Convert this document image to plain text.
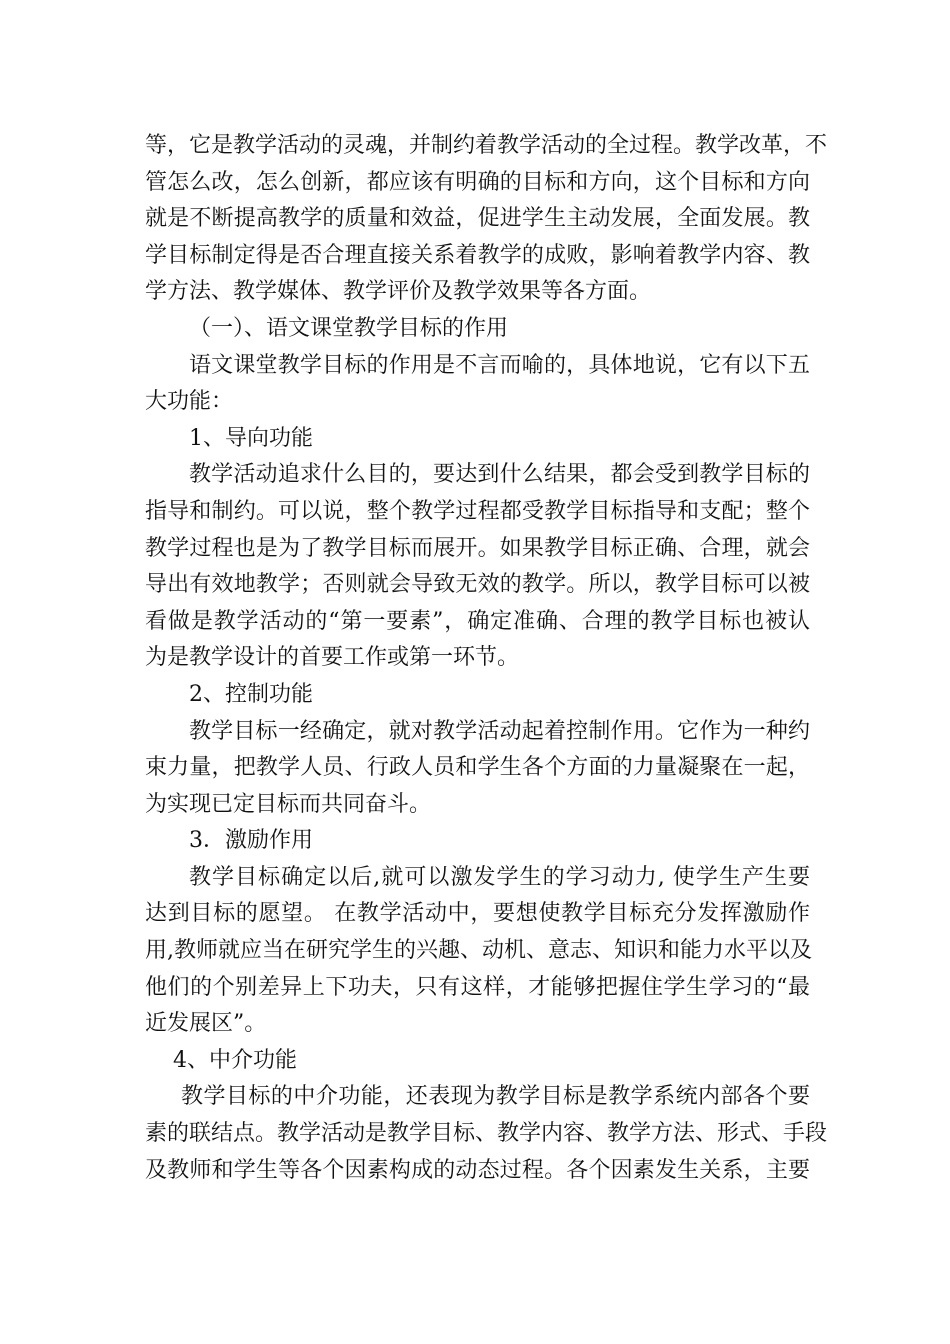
等，它是教学活动的灵魂，并制约着教学活动的全过程。教学改革，不
管怎么改，怎么创新，都应该有明确的目标和方向，这个目标和方向
就是不断提高教学的质量和效益，促进学生主动发展，全面发展。教
学目标制定得是否合理直接关系着教学的成败，影响着教学内容、教
学方法、教学媒体、教学评价及教学效果等各方面。
（一）、语文课堂教学目标的作用
语文课堂教学目标的作用是不言而喻的，具体地说，它有以下五
大功能：
1、导向功能
教学活动追求什么目的，要达到什么结果，都会受到教学目标的
指导和制约。可以说，整个教学过程都受教学目标指导和支配；整个
教学过程也是为了教学目标而展开。如果教学目标正确、合理，就会
导出有效地教学；否则就会导致无效的教学。所以，教学目标可以被
看做是教学活动的“第一要素”，确定准确、合理的教学目标也被认
为是教学设计的首要工作或第一环节。
2、控制功能
教学目标一经确定，就对教学活动起着控制作用。它作为一种约
束力量，把教学人员、行政人员和学生各个方面的力量凝聚在一起，
为实现已定目标而共同奋斗。
3．激励作用
教学目标确定以后,就可以激发学生的学习动力, 使学生产生要
达到目标的愿望。 在教学活动中，要想使教学目标充分发挥激励作
用,教师就应当在研究学生的兴趣、动机、意志、知识和能力水平以及
他们的个别差异上下功夫，只有这样，才能够把握住学生学习的“最
近发展区”。
4、中介功能
教学目标的中介功能，还表现为教学目标是教学系统内部各个要
素的联结点。教学活动是教学目标、教学内容、教学方法、形式、手段
及教师和学生等各个因素构成的动态过程。各个因素发生关系，主要
